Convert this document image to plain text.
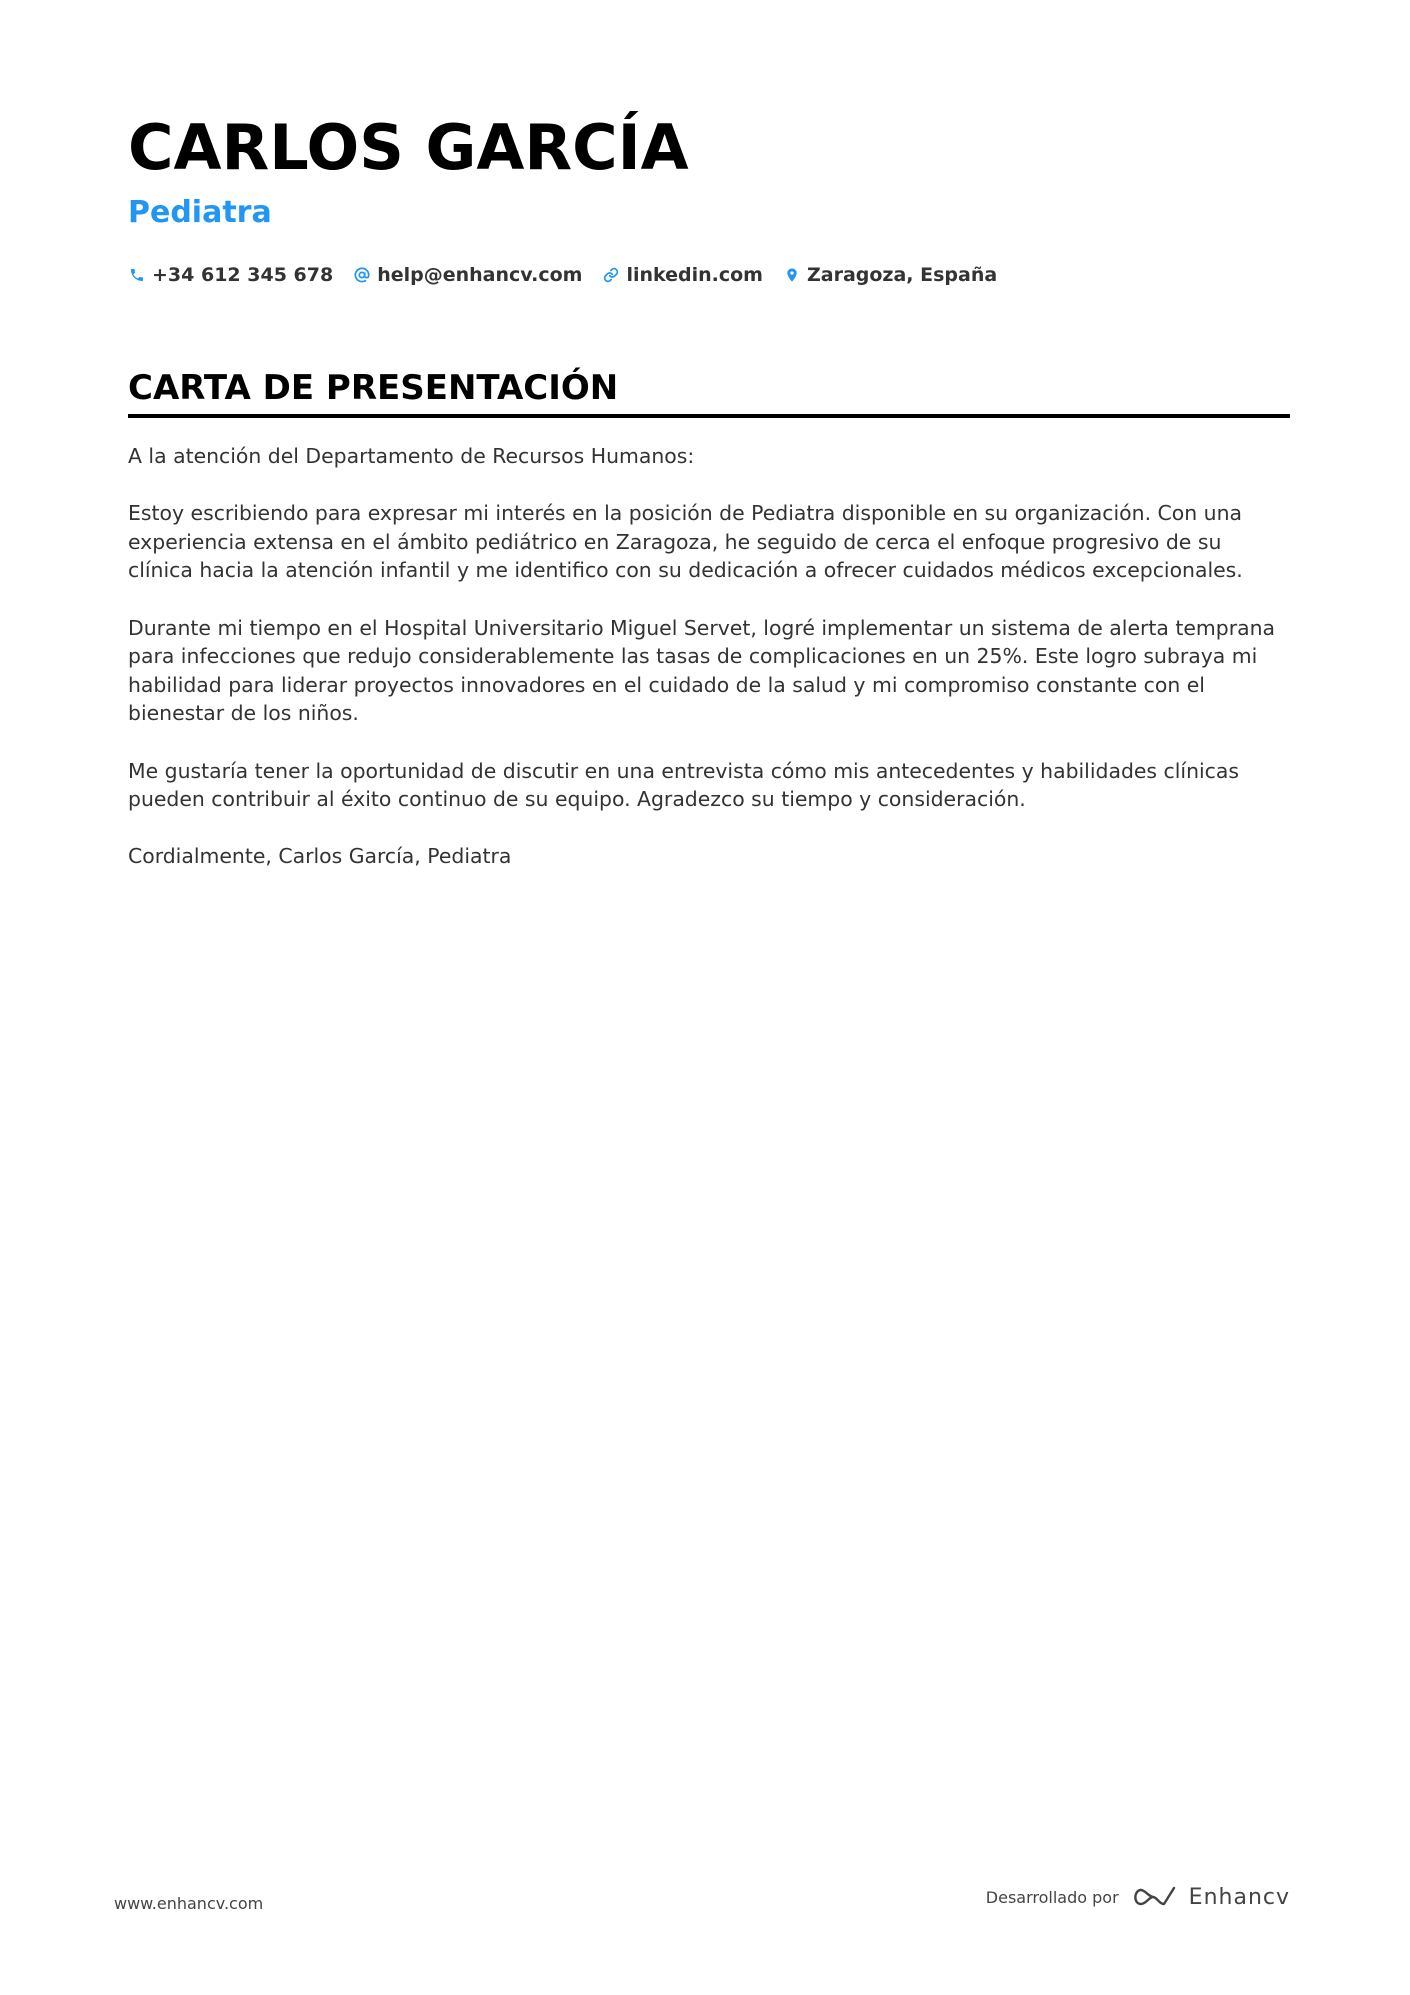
CARLOS GARCÍA
Pediatra
+34 612 345 678 help@enhancv.com linkedin.com Zaragoza, España
CARTA DE PRESENTACIÓN

A la atención del Departamento de Recursos Humanos:

Estoy escribiendo para expresar mi interés en la posición de Pediatra disponible en su organización. Con una experiencia extensa en el ámbito pediátrico en Zaragoza, he seguido de cerca el enfoque progresivo de su clínica hacia la atención infantil y me identifico con su dedicación a ofrecer cuidados médicos excepcionales.

Durante mi tiempo en el Hospital Universitario Miguel Servet, logré implementar un sistema de alerta temprana para infecciones que redujo considerablemente las tasas de complicaciones en un 25%. Este logro subraya mi habilidad para liderar proyectos innovadores en el cuidado de la salud y mi compromiso constante con el bienestar de los niños.

Me gustaría tener la oportunidad de discutir en una entrevista cómo mis antecedentes y habilidades clínicas pueden contribuir al éxito continuo de su equipo. Agradezco su tiempo y consideración.

Cordialmente, Carlos García, Pediatra

www.enhancv.com	Desarrollado por	Enhancv
